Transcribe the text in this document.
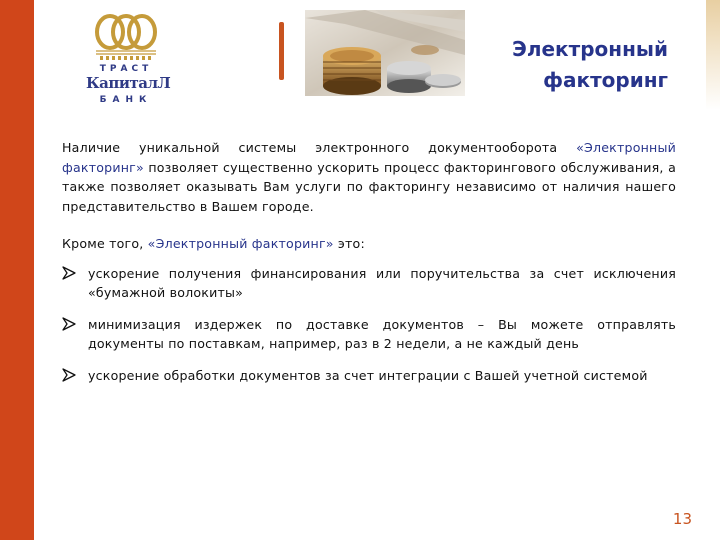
ТРАСТ
КапиталЛ
БАНК
Электронный
факторинг

Наличие уникальной системы электронного документооборота «Электронный факторинг» позволяет существенно ускорить процесс факторингового обслуживания, а также позволяет оказывать Вам услуги по факторингу независимо от наличия нашего представительство в Вашем городе.

Кроме того, «Электронный факторинг» это:

ускорение получения финансирования или поручительства за счет исключения «бумажной волокиты»
минимизация издержек по доставке документов – Вы можете отправлять документы по поставкам, например, раз в 2 недели, а не каждый день
ускорение обработки документов за счет интеграции с Вашей учетной системой
13
